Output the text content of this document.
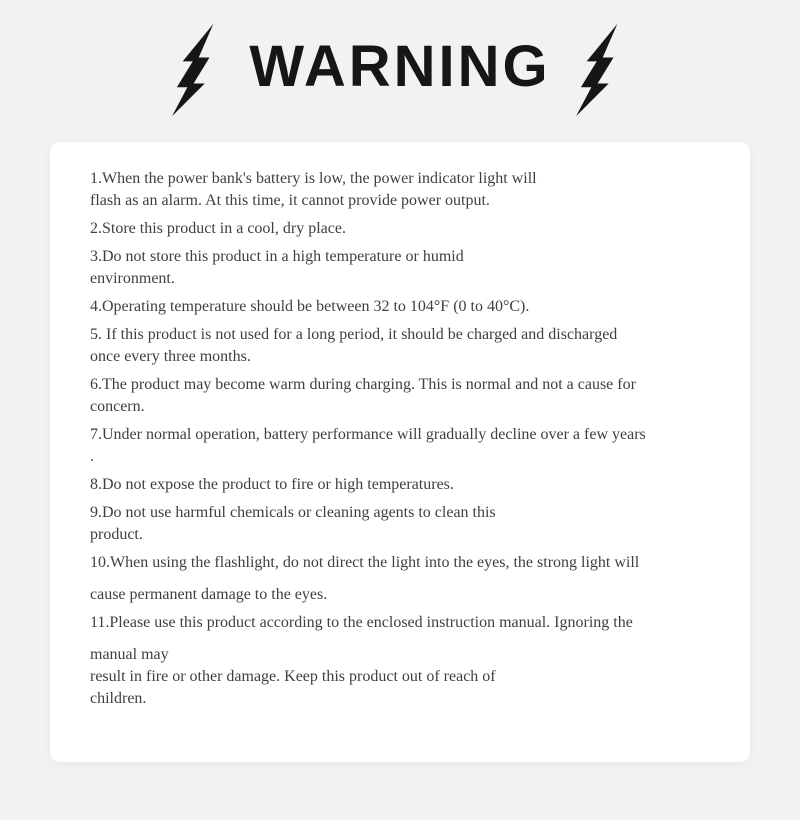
WARNING
1.When the power bank's battery is low, the power indicator light will
flash as an alarm. At this time, it cannot provide power output.
2.Store this product in a cool, dry place.
3.Do not store this product in a high temperature or humid
environment.
4.Operating temperature should be between 32 to 104°F (0 to 40°C).
5. If this product is not used for a long period, it should be charged and discharged
once every three months.
6.The product may become warm during charging. This is normal and not a cause for
concern.
7.Under normal operation, battery performance will gradually decline over a few years
.
8.Do not expose the product to fire or high temperatures.
9.Do not use harmful chemicals or cleaning agents to clean this
product.
10.When using the flashlight, do not direct the light into the eyes, the strong light will
cause permanent damage to the eyes.
11.Please use this product according to the enclosed instruction manual. Ignoring the
manual may
result in fire or other damage. Keep this product out of reach of
children.
